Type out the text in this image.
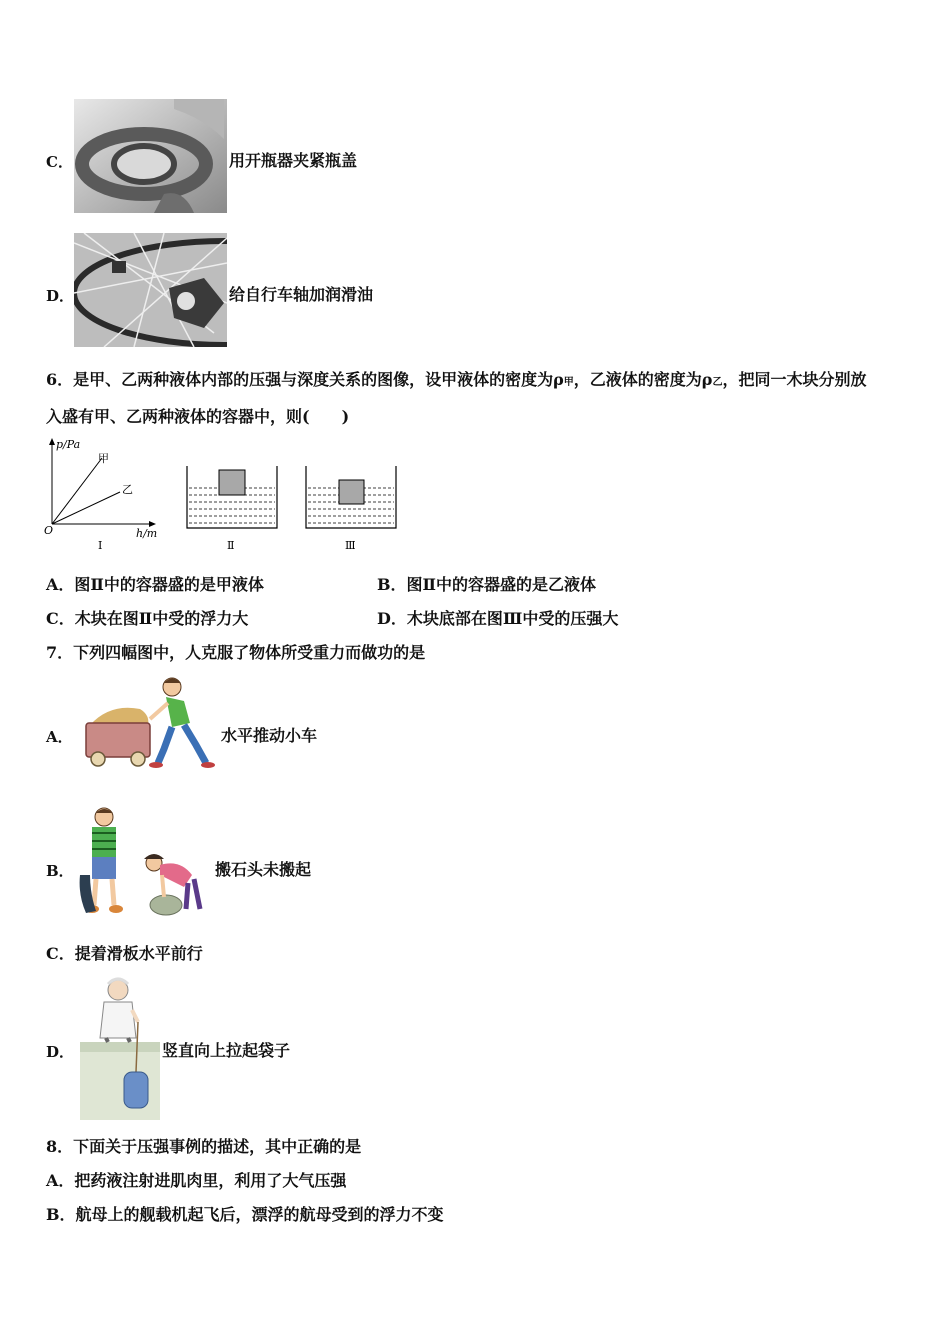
C．	用开瓶器夹紧瓶盖
D．	给自行车轴加润滑油
6．是甲、乙两种液体内部的压强与深度关系的图像，设甲液体的密度为ρ甲，乙液体的密度为ρ乙，把同一木块分别放
入盛有甲、乙两种液体的容器中，则(　　)
p/Pa
甲
乙
O	h/m
Ⅰ	Ⅱ	Ⅲ
A．图Ⅱ中的容器盛的是甲液体	B．图Ⅱ中的容器盛的是乙液体
C．木块在图Ⅱ中受的浮力大	D．木块底部在图Ⅲ中受的压强大
7．下列四幅图中，人克服了物体所受重力而做功的是
A．	水平推动小车
B．	搬石头未搬起
C．提着滑板水平前行
D．	竖直向上拉起袋子
8．下面关于压强事例的描述，其中正确的是
A．把药液注射进肌肉里，利用了大气压强
B．航母上的舰载机起飞后，漂浮的航母受到的浮力不变
